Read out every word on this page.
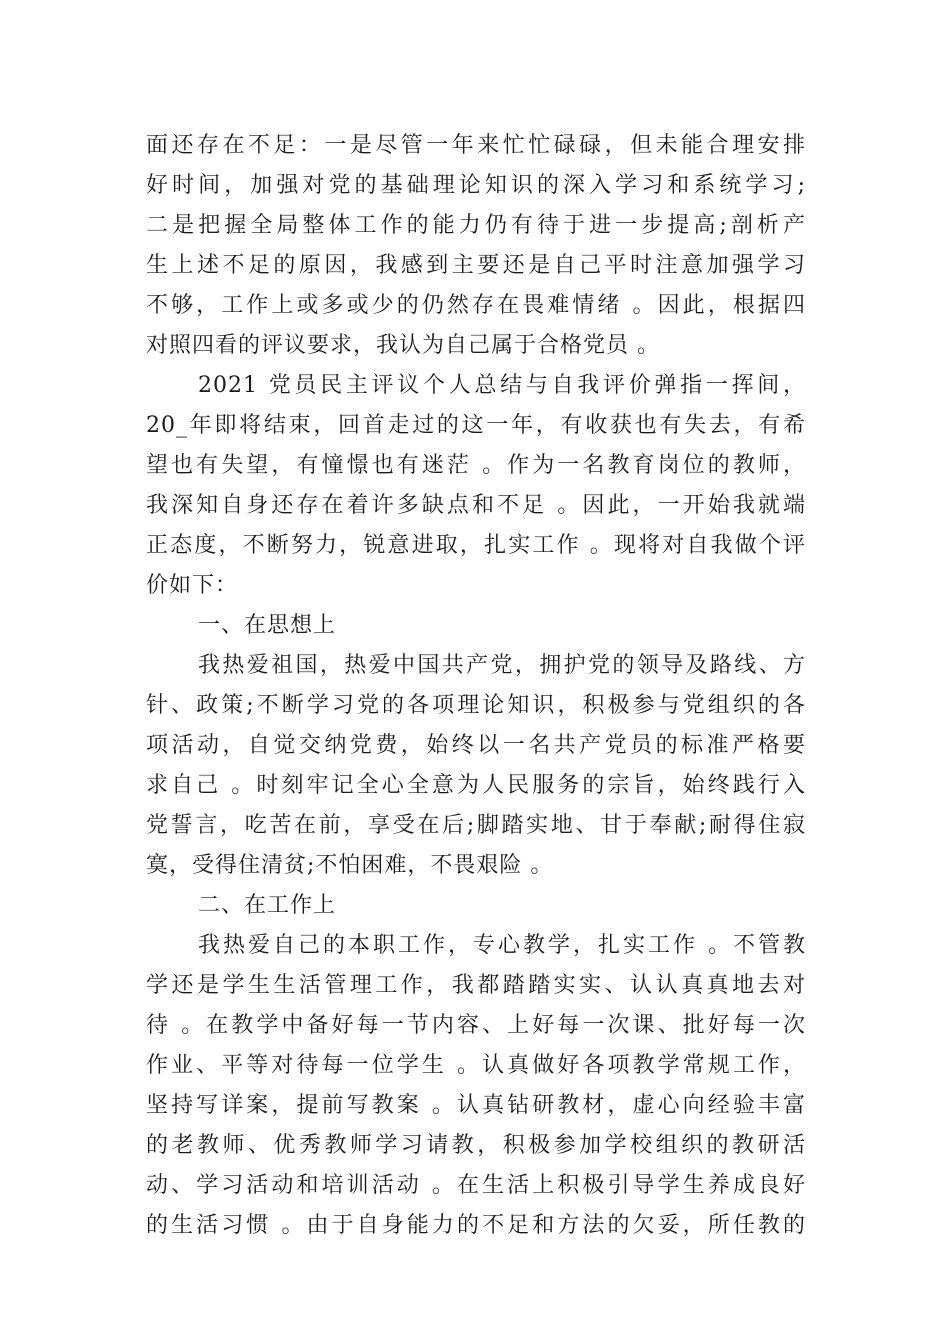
面还存在不足：一是尽管一年来忙忙碌碌，但未能合理安排
好时间，加强对党的基础理论知识的深入学习和系统学习;
二是把握全局整体工作的能力仍有待于进一步提高;剖析产
生上述不足的原因，我感到主要还是自己平时注意加强学习
不够，工作上或多或少的仍然存在畏难情绪 。因此，根据四
对照四看的评议要求，我认为自己属于合格党员 。
2021 党员民主评议个人总结与自我评价弹指一挥间，
20_年即将结束，回首走过的这一年，有收获也有失去，有希
望也有失望，有憧憬也有迷茫 。作为一名教育岗位的教师，
我深知自身还存在着许多缺点和不足 。因此，一开始我就端
正态度，不断努力，锐意进取，扎实工作 。现将对自我做个评
价如下：
一、在思想上
我热爱祖国，热爱中国共产党，拥护党的领导及路线、方
针、政策;不断学习党的各项理论知识，积极参与党组织的各
项活动，自觉交纳党费，始终以一名共产党员的标准严格要
求自己 。时刻牢记全心全意为人民服务的宗旨，始终践行入
党誓言，吃苦在前，享受在后;脚踏实地、甘于奉献;耐得住寂
寞，受得住清贫;不怕困难，不畏艰险 。
二、在工作上
我热爱自己的本职工作，专心教学，扎实工作 。不管教
学还是学生生活管理工作，我都踏踏实实、认认真真地去对
待 。在教学中备好每一节内容、上好每一次课、批好每一次
作业、平等对待每一位学生 。认真做好各项教学常规工作，
坚持写详案，提前写教案 。认真钻研教材，虚心向经验丰富
的老教师、优秀教师学习请教，积极参加学校组织的教研活
动、学习活动和培训活动 。在生活上积极引导学生养成良好
的生活习惯 。由于自身能力的不足和方法的欠妥，所任教的
